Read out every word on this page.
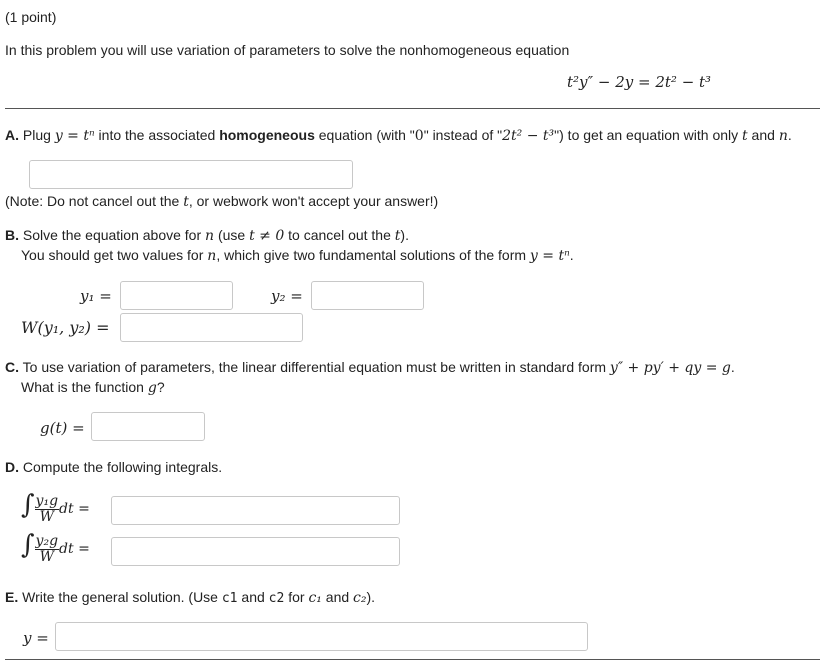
(1 point)
In this problem you will use variation of parameters to solve the nonhomogeneous equation
t²y″ − 2y = 2t² − t³
A. Plug y = tⁿ into the associated homogeneous equation (with "0" instead of "2t² − t³") to get an equation with only t and n.
(Note: Do not cancel out the t, or webwork won't accept your answer!)
B. Solve the equation above for n (use t ≠ 0 to cancel out the t).
You should get two values for n, which give two fundamental solutions of the form y = tⁿ.
y₁ =	y₂ =
W(y₁, y₂) =
C. To use variation of parameters, the linear differential equation must be written in standard form y″ + py′ + qy = g.
What is the function g?
g(t) =
D. Compute the following integrals.
∫ $\frac{\text{y₁g}}{W}$ dt =
∫ $\frac{\text{y₂g}}{W}$ dt =
E. Write the general solution. (Use c1 and c2 for c₁ and c₂).
y =
